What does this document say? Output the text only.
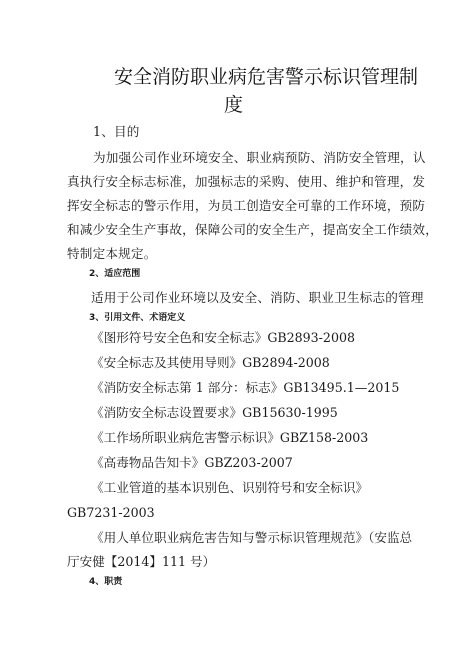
安全消防职业病危害警示标识管理制
度
1、目的
为加强公司作业环境安全、职业病预防、消防安全管理，认
真执行安全标志标准，加强标志的采购、使用、维护和管理，发
挥安全标志的警示作用，为员工创造安全可靠的工作环境，预防
和减少安全生产事故，保障公司的安全生产，提高安全工作绩效，
特制定本规定。
2、适应范围
适用于公司作业环境以及安全、消防、职业卫生标志的管理
3、引用文件、术语定义
《图形符号安全色和安全标志》GB2893-2008
《安全标志及其使用导则》GB2894-2008
《消防安全标志第 1 部分：标志》GB13495.1—2015
《消防安全标志设置要求》GB15630-1995
《工作场所职业病危害警示标识》GBZ158-2003
《高毒物品告知卡》GBZ203-2007
《工业管道的基本识别色、识别符号和安全标识》
GB7231-2003
《用人单位职业病危害告知与警示标识管理规范》（安监总
厅安健【2014】111 号）
4、职责
